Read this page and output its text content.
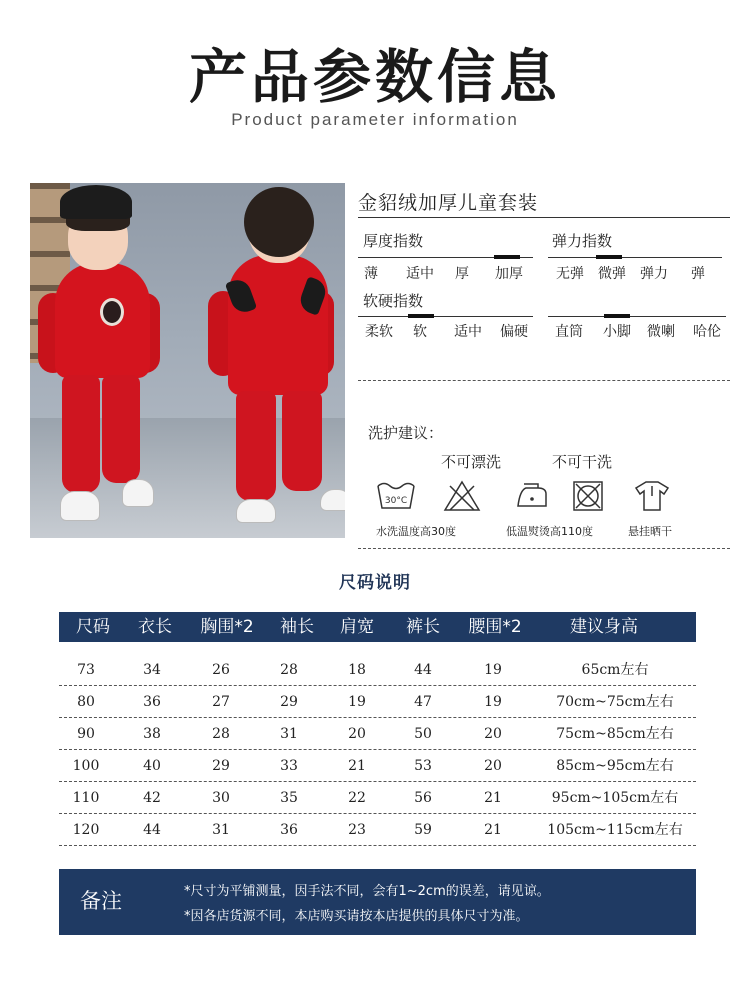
产品参数信息
Product parameter information
金貂绒加厚儿童套装
厚度指数
薄	适中	厚	加厚
弹力指数
无弹 微弹 弹力	弹
软硬指数
柔软	软	适中	偏硬	直筒	小脚	微喇	哈伦
洗护建议：
不可漂洗	不可干洗
30°C
水洗温度高30度	低温熨烫高110度	悬挂晒干
尺码说明
尺码	衣长	胸围*2	袖长	肩宽	裤长	腰围*2	建议身高
73	34	26	28	18	44	19	65cm左右
80	36	27	29	19	47	19	70cm~75cm左右
90	38	28	31	20	50	20	75cm~85cm左右
100	40	29	33	21	53	20	85cm~95cm左右
110	42	30	35	22	56	21	95cm~105cm左右
120	44	31	36	23	59	21	105cm~115cm左右
备注	*尺寸为平铺测量，因手法不同，会有1~2cm的误差，请见谅。
*因各店货源不同，本店购买请按本店提供的具体尺寸为准。
